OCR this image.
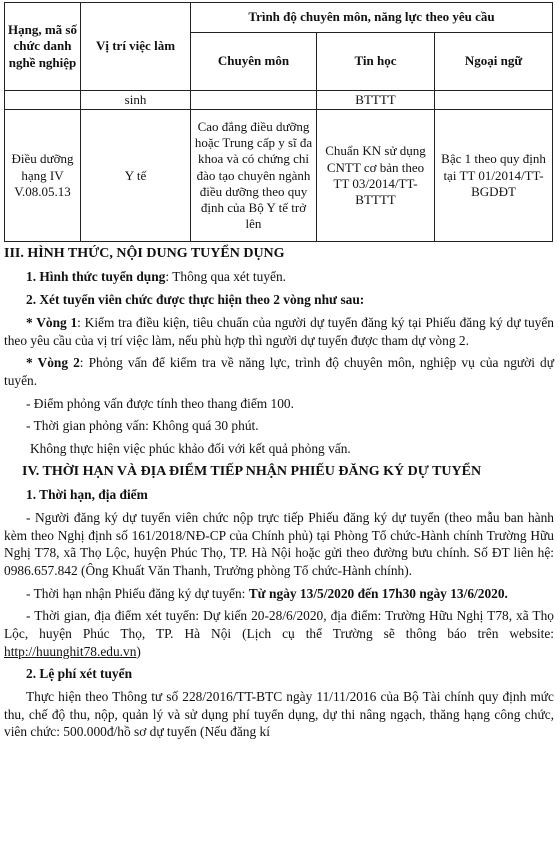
Hạng, mã số chức danh nghề nghiệp	Vị trí việc làm	Trình độ chuyên môn, năng lực theo yêu cầu		
		Chuyên môn	Tin học	Ngoại ngữ
	sinh		BTTTT	
Điều dưỡng hạng IV V.08.05.13	Y tế	Cao đẳng điều dưỡng hoặc Trung cấp y sĩ đa khoa và có chứng chỉ đào tạo chuyên ngành điều dưỡng theo quy định của Bộ Y tế trở lên	Chuẩn KN sử dụng CNTT cơ bản theo TT 03/2014/TT-BTTTT	Bậc 1 theo quy định tại TT 01/2014/TT-BGDĐT

III. HÌNH THỨC, NỘI DUNG TUYỂN DỤNG

1. Hình thức tuyển dụng: Thông qua xét tuyển.

2. Xét tuyển viên chức được thực hiện theo 2 vòng như sau:

* Vòng 1: Kiểm tra điều kiện, tiêu chuẩn của người dự tuyển đăng ký tại Phiếu đăng ký dự tuyển theo yêu cầu của vị trí việc làm, nếu phù hợp thì người dự tuyển được tham dự vòng 2.

* Vòng 2: Phỏng vấn để kiểm tra về năng lực, trình độ chuyên môn, nghiệp vụ của người dự tuyển.

- Điểm phỏng vấn được tính theo thang điểm 100.

- Thời gian phỏng vấn: Không quá 30 phút.

Không thực hiện việc phúc khảo đối với kết quả phỏng vấn.

IV. THỜI HẠN VÀ ĐỊA ĐIỂM TIẾP NHẬN PHIẾU ĐĂNG KÝ DỰ TUYỂN

1. Thời hạn, địa điểm

- Người đăng ký dự tuyển viên chức nộp trực tiếp Phiếu đăng ký dự tuyển (theo mẫu ban hành kèm theo Nghị định số 161/2018/NĐ-CP của Chính phủ) tại Phòng Tổ chức-Hành chính Trường Hữu Nghị T78, xã Thọ Lộc, huyện Phúc Thọ, TP. Hà Nội hoặc gửi theo đường bưu chính. Số ĐT liên hệ: 0986.657.842 (Ông Khuất Văn Thanh, Trưởng phòng Tổ chức-Hành chính).

- Thời hạn nhận Phiếu đăng ký dự tuyển: Từ ngày 13/5/2020 đến 17h30 ngày 13/6/2020.

- Thời gian, địa điểm xét tuyển: Dự kiến 20-28/6/2020, địa điểm: Trường Hữu Nghị T78, xã Thọ Lộc, huyện Phúc Thọ, TP. Hà Nội (Lịch cụ thể Trường sẽ thông báo trên website: http://huunghit78.edu.vn)

2. Lệ phí xét tuyển

Thực hiện theo Thông tư số 228/2016/TT-BTC ngày 11/11/2016 của Bộ Tài chính quy định mức thu, chế độ thu, nộp, quản lý và sử dụng phí tuyển dụng, dự thi nâng ngạch, thăng hạng công chức, viên chức: 500.000đ/hồ sơ dự tuyển (Nếu đăng kí
